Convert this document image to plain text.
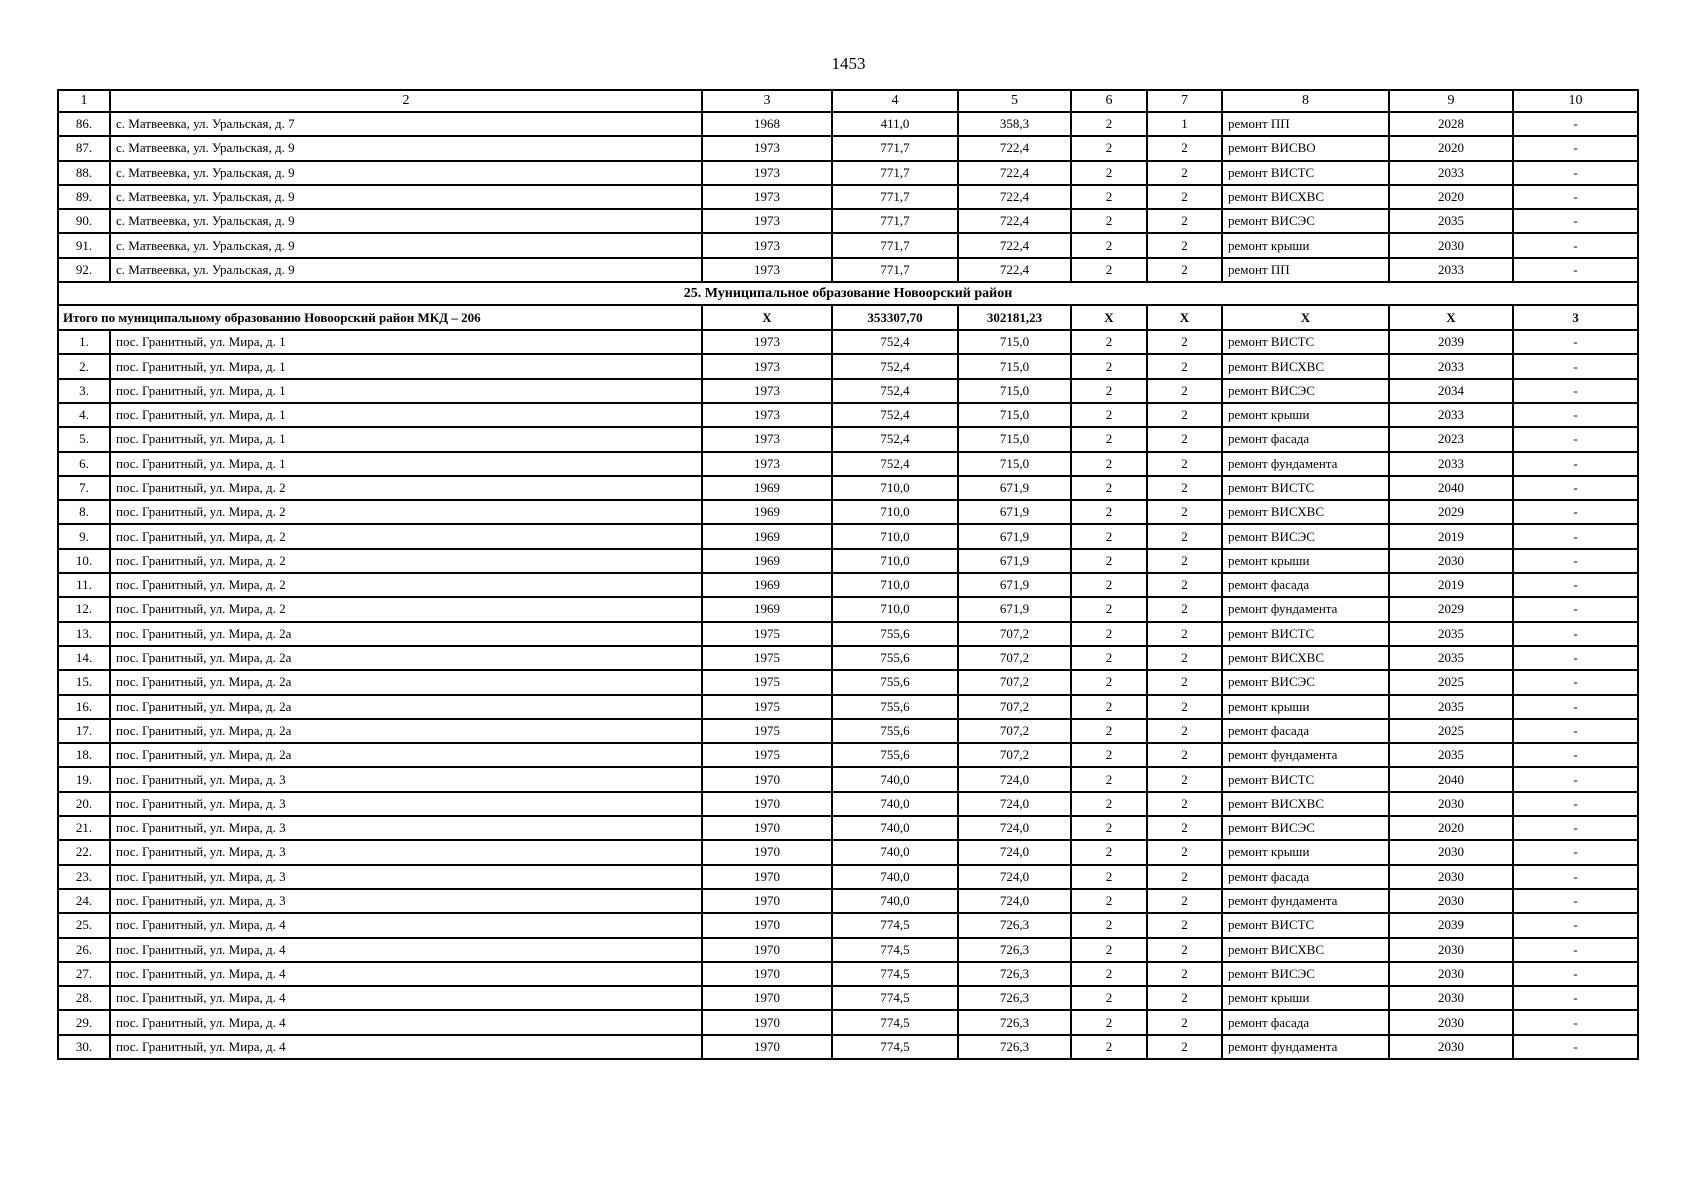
1453
1	2	3	4	5	6	7	8	9	10
86.	с. Матвеевка, ул. Уральская, д. 7	1968	411,0	358,3	2	1	ремонт ПП	2028	-
87.	с. Матвеевка, ул. Уральская, д. 9	1973	771,7	722,4	2	2	ремонт ВИСВО	2020	-
88.	с. Матвеевка, ул. Уральская, д. 9	1973	771,7	722,4	2	2	ремонт ВИСТС	2033	-
89.	с. Матвеевка, ул. Уральская, д. 9	1973	771,7	722,4	2	2	ремонт ВИСХВС	2020	-
90.	с. Матвеевка, ул. Уральская, д. 9	1973	771,7	722,4	2	2	ремонт ВИСЭС	2035	-
91.	с. Матвеевка, ул. Уральская, д. 9	1973	771,7	722,4	2	2	ремонт крыши	2030	-
92.	с. Матвеевка, ул. Уральская, д. 9	1973	771,7	722,4	2	2	ремонт ПП	2033	-
25. Муниципальное образование Новоорский район									
Итого по муниципальному образованию Новоорский район МКД – 206		Х	353307,70	302181,23	Х	Х	Х	Х	3
1.	пос. Гранитный, ул. Мира, д. 1	1973	752,4	715,0	2	2	ремонт ВИСТС	2039	-
2.	пос. Гранитный, ул. Мира, д. 1	1973	752,4	715,0	2	2	ремонт ВИСХВС	2033	-
3.	пос. Гранитный, ул. Мира, д. 1	1973	752,4	715,0	2	2	ремонт ВИСЭС	2034	-
4.	пос. Гранитный, ул. Мира, д. 1	1973	752,4	715,0	2	2	ремонт крыши	2033	-
5.	пос. Гранитный, ул. Мира, д. 1	1973	752,4	715,0	2	2	ремонт фасада	2023	-
6.	пос. Гранитный, ул. Мира, д. 1	1973	752,4	715,0	2	2	ремонт фундамента	2033	-
7.	пос. Гранитный, ул. Мира, д. 2	1969	710,0	671,9	2	2	ремонт ВИСТС	2040	-
8.	пос. Гранитный, ул. Мира, д. 2	1969	710,0	671,9	2	2	ремонт ВИСХВС	2029	-
9.	пос. Гранитный, ул. Мира, д. 2	1969	710,0	671,9	2	2	ремонт ВИСЭС	2019	-
10.	пос. Гранитный, ул. Мира, д. 2	1969	710,0	671,9	2	2	ремонт крыши	2030	-
11.	пос. Гранитный, ул. Мира, д. 2	1969	710,0	671,9	2	2	ремонт фасада	2019	-
12.	пос. Гранитный, ул. Мира, д. 2	1969	710,0	671,9	2	2	ремонт фундамента	2029	-
13.	пос. Гранитный, ул. Мира, д. 2а	1975	755,6	707,2	2	2	ремонт ВИСТС	2035	-
14.	пос. Гранитный, ул. Мира, д. 2а	1975	755,6	707,2	2	2	ремонт ВИСХВС	2035	-
15.	пос. Гранитный, ул. Мира, д. 2а	1975	755,6	707,2	2	2	ремонт ВИСЭС	2025	-
16.	пос. Гранитный, ул. Мира, д. 2а	1975	755,6	707,2	2	2	ремонт крыши	2035	-
17.	пос. Гранитный, ул. Мира, д. 2а	1975	755,6	707,2	2	2	ремонт фасада	2025	-
18.	пос. Гранитный, ул. Мира, д. 2а	1975	755,6	707,2	2	2	ремонт фундамента	2035	-
19.	пос. Гранитный, ул. Мира, д. 3	1970	740,0	724,0	2	2	ремонт ВИСТС	2040	-
20.	пос. Гранитный, ул. Мира, д. 3	1970	740,0	724,0	2	2	ремонт ВИСХВС	2030	-
21.	пос. Гранитный, ул. Мира, д. 3	1970	740,0	724,0	2	2	ремонт ВИСЭС	2020	-
22.	пос. Гранитный, ул. Мира, д. 3	1970	740,0	724,0	2	2	ремонт крыши	2030	-
23.	пос. Гранитный, ул. Мира, д. 3	1970	740,0	724,0	2	2	ремонт фасада	2030	-
24.	пос. Гранитный, ул. Мира, д. 3	1970	740,0	724,0	2	2	ремонт фундамента	2030	-
25.	пос. Гранитный, ул. Мира, д. 4	1970	774,5	726,3	2	2	ремонт ВИСТС	2039	-
26.	пос. Гранитный, ул. Мира, д. 4	1970	774,5	726,3	2	2	ремонт ВИСХВС	2030	-
27.	пос. Гранитный, ул. Мира, д. 4	1970	774,5	726,3	2	2	ремонт ВИСЭС	2030	-
28.	пос. Гранитный, ул. Мира, д. 4	1970	774,5	726,3	2	2	ремонт крыши	2030	-
29.	пос. Гранитный, ул. Мира, д. 4	1970	774,5	726,3	2	2	ремонт фасада	2030	-
30.	пос. Гранитный, ул. Мира, д. 4	1970	774,5	726,3	2	2	ремонт фундамента	2030	-
